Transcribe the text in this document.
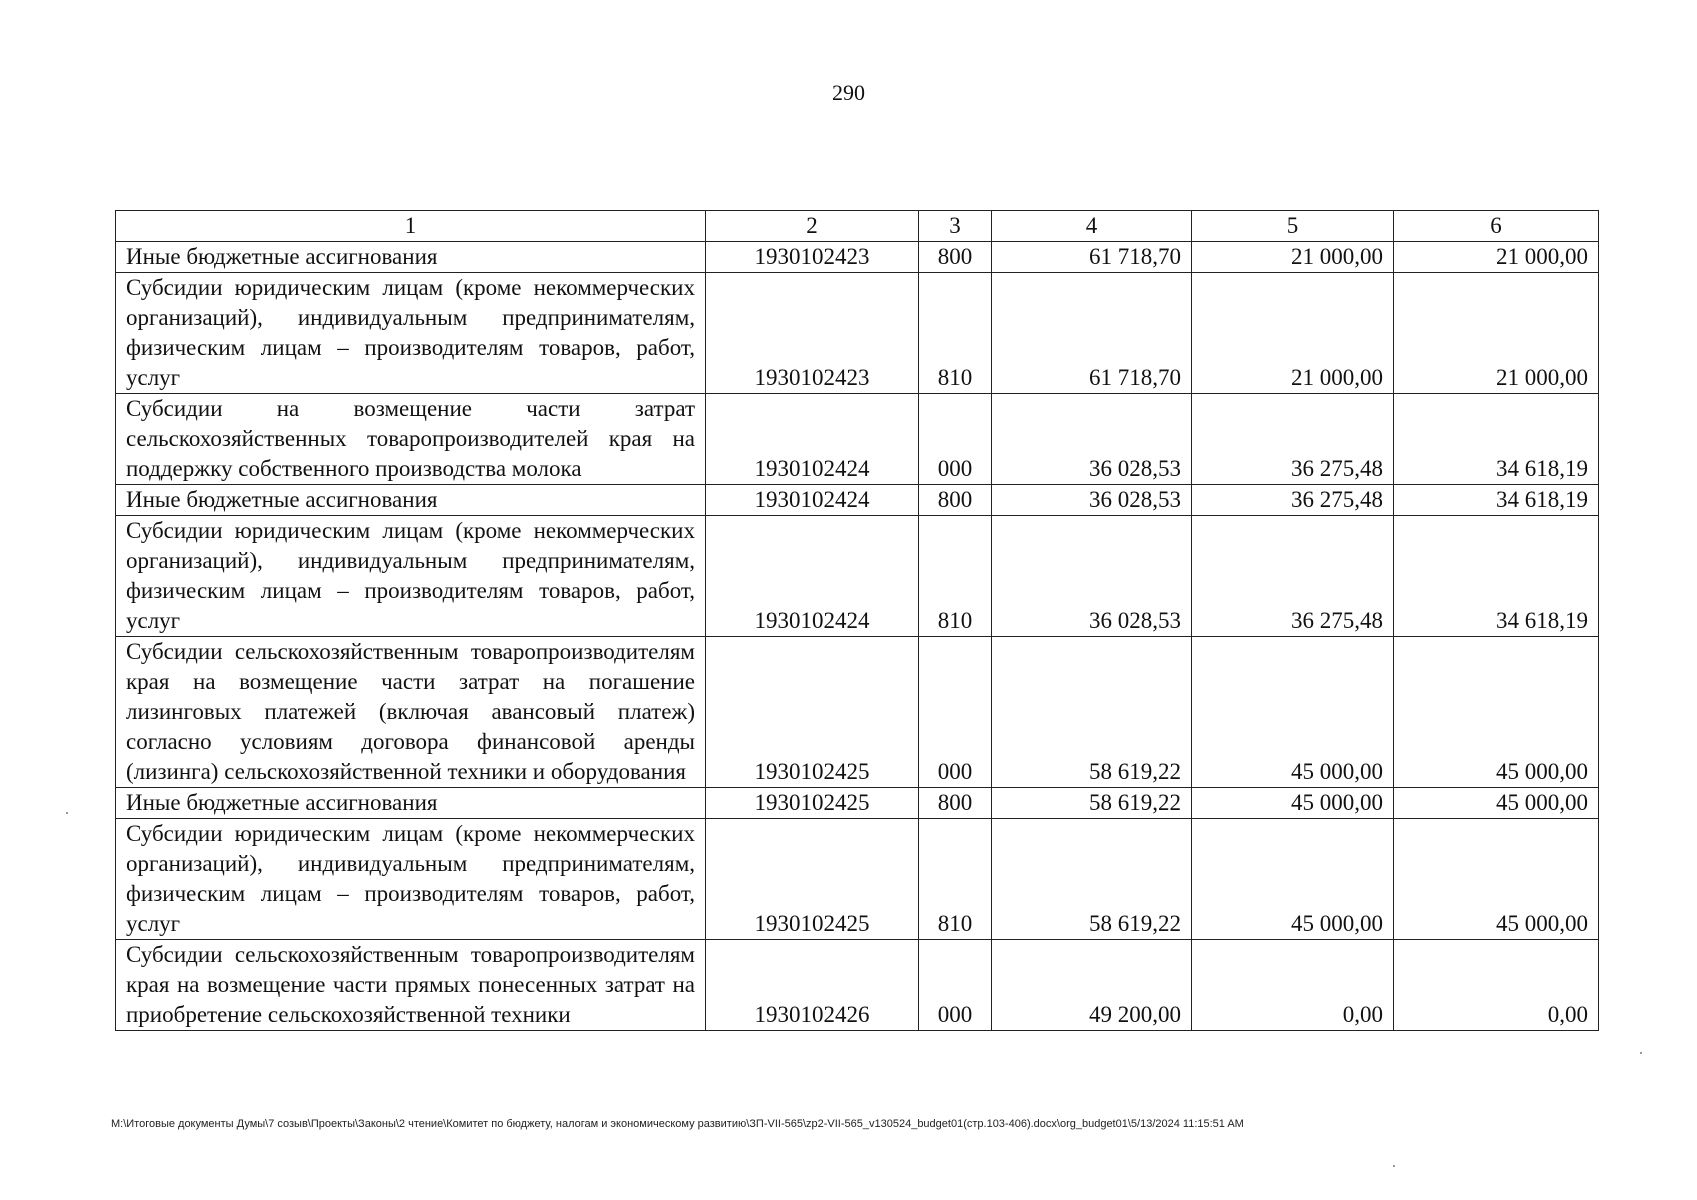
290
1	2	3	4	5	6
Иные бюджетные ассигнования	1930102423	800	61 718,70	21 000,00	21 000,00
Субсидии юридическим лицам (кроме некоммерческих организаций), индивидуальным предпринимателям, физическим лицам – производителям товаров, работ, услуг	1930102423	810	61 718,70	21 000,00	21 000,00
Субсидии на возмещение части затрат сельскохозяйственных товаропроизводителей края на поддержку собственного производства молока	1930102424	000	36 028,53	36 275,48	34 618,19
Иные бюджетные ассигнования	1930102424	800	36 028,53	36 275,48	34 618,19
Субсидии юридическим лицам (кроме некоммерческих организаций), индивидуальным предпринимателям, физическим лицам – производителям товаров, работ, услуг	1930102424	810	36 028,53	36 275,48	34 618,19
Субсидии сельскохозяйственным товаропроизводителям края на возмещение части затрат на погашение лизинговых платежей (включая авансовый платеж) согласно условиям договора финансовой аренды (лизинга) сельскохозяйственной техники и оборудования	1930102425	000	58 619,22	45 000,00	45 000,00
Иные бюджетные ассигнования	1930102425	800	58 619,22	45 000,00	45 000,00
Субсидии юридическим лицам (кроме некоммерческих организаций), индивидуальным предпринимателям, физическим лицам – производителям товаров, работ, услуг	1930102425	810	58 619,22	45 000,00	45 000,00
Субсидии сельскохозяйственным товаропроизводителям края на возмещение части прямых понесенных затрат на приобретение сельскохозяйственной техники	1930102426	000	49 200,00	0,00	0,00
M:\Итоговые документы Думы\7 созыв\Проекты\Законы\2 чтение\Комитет по бюджету, налогам и экономическому развитию\ЗП-VII-565\zp2-VII-565_v130524_budget01(стр.103-406).docx\org_budget01\5/13/2024 11:15:51 AM
